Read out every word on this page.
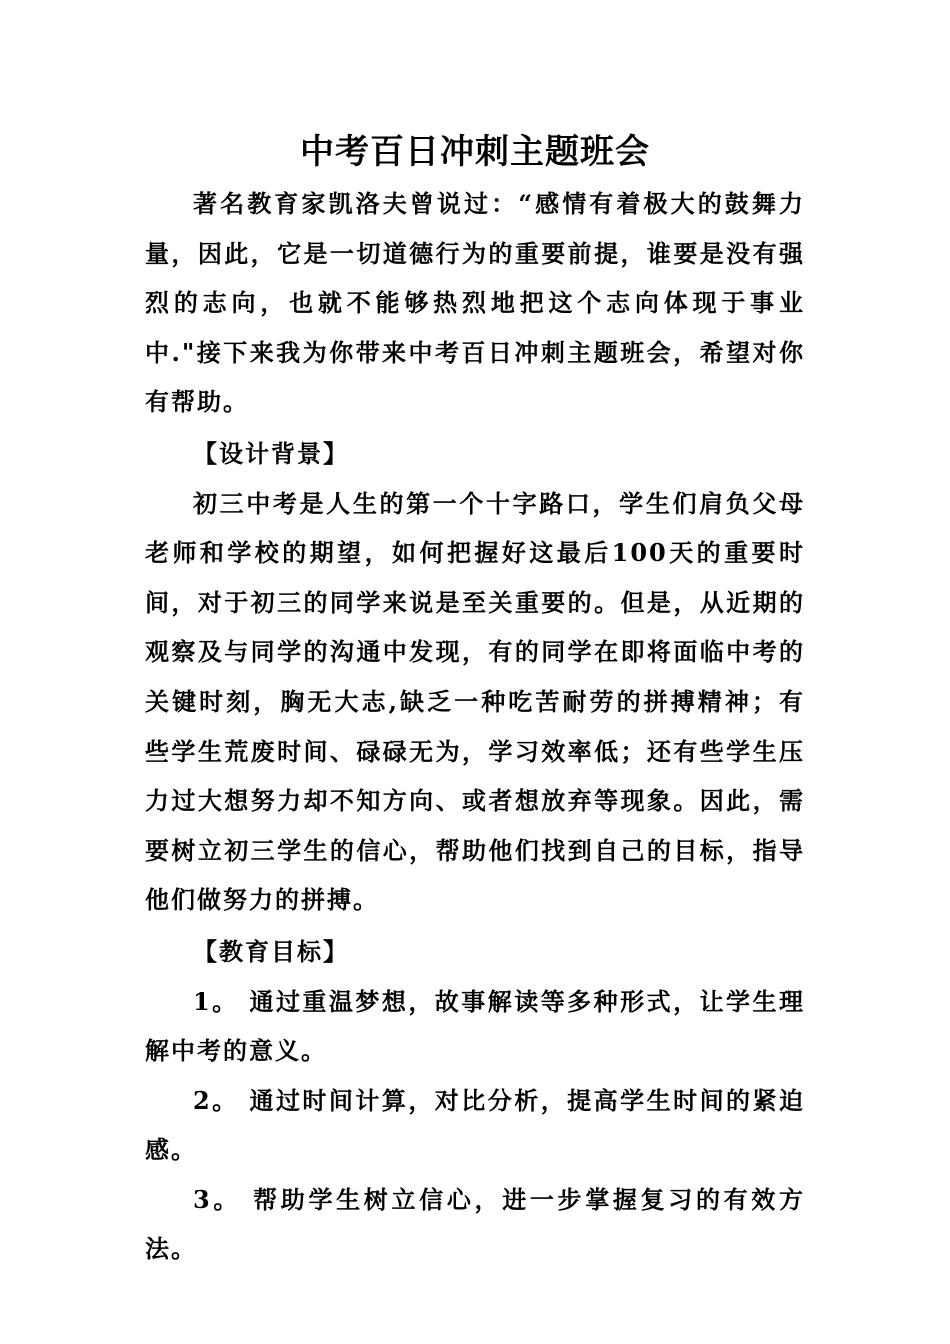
中考百日冲刺主题班会

著名教育家凯洛夫曾说过：“感情有着极大的鼓舞力量，因此，它是一切道德行为的重要前提，谁要是没有强烈的志向，也就不能够热烈地把这个志向体现于事业中."接下来我为你带来中考百日冲刺主题班会，希望对你有帮助。

【设计背景】

初三中考是人生的第一个十字路口，学生们肩负父母老师和学校的期望，如何把握好这最后100天的重要时间，对于初三的同学来说是至关重要的。但是，从近期的观察及与同学的沟通中发现，有的同学在即将面临中考的关键时刻，胸无大志,缺乏一种吃苦耐劳的拼搏精神；有些学生荒废时间、碌碌无为，学习效率低；还有些学生压力过大想努力却不知方向、或者想放弃等现象。因此，需要树立初三学生的信心，帮助他们找到自己的目标，指导他们做努力的拼搏。

【教育目标】

1。 通过重温梦想，故事解读等多种形式，让学生理解中考的意义。

2。 通过时间计算，对比分析，提高学生时间的紧迫感。

3。 帮助学生树立信心，进一步掌握复习的有效方法。
